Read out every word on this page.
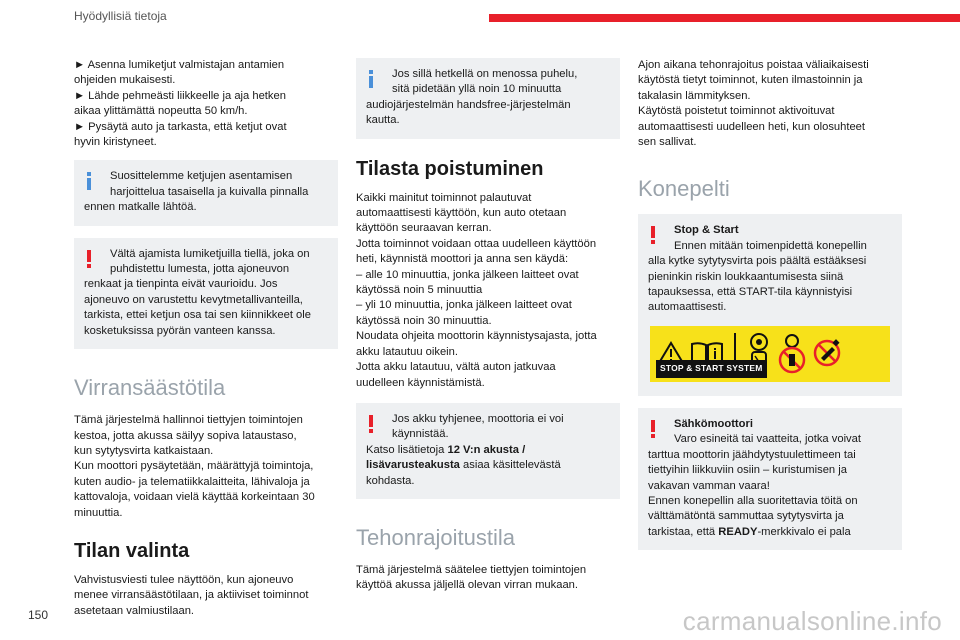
Hyödyllisiä tietoja
► Asenna lumiketjut valmistajan antamien
ohjeiden mukaisesti.
► Lähde pehmeästi liikkeelle ja aja hetken
aikaa ylittämättä nopeutta 50 km/h.
► Pysäytä auto ja tarkasta, että ketjut ovat
hyvin kiristyneet.
Suosittelemme ketjujen asentamisen
harjoittelua tasaisella ja kuivalla pinnalla
ennen matkalle lähtöä.
Vältä ajamista lumiketjuilla tiellä, joka on
puhdistettu lumesta, jotta ajoneuvon
renkaat ja tienpinta eivät vaurioidu. Jos
ajoneuvo on varustettu kevytmetallivanteilla,
tarkista, ettei ketjun osa tai sen kiinnikkeet ole
kosketuksissa pyörän vanteen kanssa.
Virransäästötila
Tämä järjestelmä hallinnoi tiettyjen toimintojen
kestoa, jotta akussa säilyy sopiva lataustaso,
kun sytytysvirta katkaistaan.
Kun moottori pysäytetään, määrättyjä toimintoja,
kuten audio- ja telematiikkalaitteita, lähivaloja ja
kattovaloja, voidaan vielä käyttää korkeintaan 30
minuuttia.
Tilan valinta
Vahvistusviesti tulee näyttöön, kun ajoneuvo
menee virransäästötilaan, ja aktiiviset toiminnot
asetetaan valmiustilaan.
Jos sillä hetkellä on menossa puhelu,
sitä pidetään yllä noin 10 minuutta
audiojärjestelmän handsfree-järjestelmän
kautta.
Tilasta poistuminen
Kaikki mainitut toiminnot palautuvat
automaattisesti käyttöön, kun auto otetaan
käyttöön seuraavan kerran.
Jotta toiminnot voidaan ottaa uudelleen käyttöön
heti, käynnistä moottori ja anna sen käydä:
– alle 10 minuuttia, jonka jälkeen laitteet ovat
käytössä noin 5 minuuttia
– yli 10 minuuttia, jonka jälkeen laitteet ovat
käytössä noin 30 minuuttia.
Noudata ohjeita moottorin käynnistysajasta, jotta
akku latautuu oikein.
Jotta akku latautuu, vältä auton jatkuvaa
uudelleen käynnistämistä.
Jos akku tyhjenee, moottoria ei voi
käynnistää.
Katso lisätietoja 12 V:n akusta /
lisävarusteakusta asiaa käsittelevästä
kohdasta.
Tehonrajoitustila
Tämä järjestelmä säätelee tiettyjen toimintojen
käyttöä akussa jäljellä olevan virran mukaan.
Ajon aikana tehonrajoitus poistaa väliaikaisesti
käytöstä tietyt toiminnot, kuten ilmastoinnin ja
takalasin lämmityksen.
Käytöstä poistetut toiminnot aktivoituvat
automaattisesti uudelleen heti, kun olosuhteet
sen sallivat.
Konepelti
Stop & Start
Ennen mitään toimenpidettä konepellin
alla kytke sytytysvirta pois päältä estääksesi
pieninkin riskin loukkaantumisesta siinä
tapauksessa, että START-tila käynnistyisi
automaattisesti.
STOP & START SYSTEM
Sähkömoottori
Varo esineitä tai vaatteita, jotka voivat
tarttua moottorin jäähdytystuulettimeen tai
tiettyihin liikkuviin osiin – kuristumisen ja
vakavan vamman vaara!
Ennen konepellin alla suoritettavia töitä on
välttämätöntä sammuttaa sytytysvirta ja
tarkistaa, että READY-merkkivalo ei pala
150	carmanualsonline.info
